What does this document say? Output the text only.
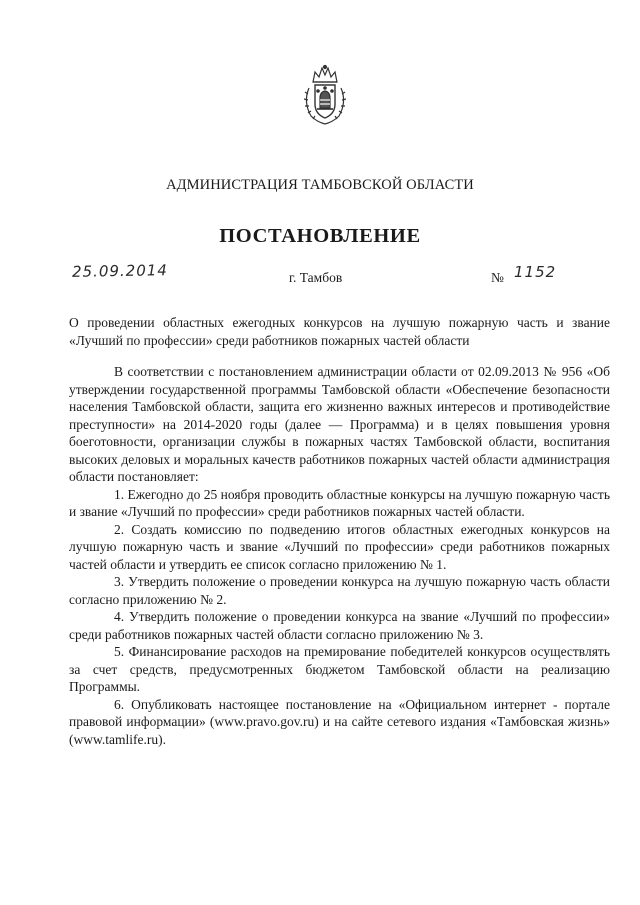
АДМИНИСТРАЦИЯ ТАМБОВСКОЙ ОБЛАСТИ
ПОСТАНОВЛЕНИЕ
25.09.2014	г. Тамбов	№ 1152
О проведении областных ежегодных конкурсов на лучшую пожарную часть и звание «Лучший по профессии» среди работников пожарных частей области

В соответствии с постановлением администрации области от 02.09.2013 № 956 «Об утверждении государственной программы Тамбовской области «Обеспечение безопасности населения Тамбовской области, защита его жизненно важных интересов и противодействие преступности» на 2014-2020 годы (далее — Программа) и в целях повышения уровня боеготовности, организации службы в пожарных частях Тамбовской области, воспитания высоких деловых и моральных качеств работников пожарных частей области администрация области постановляет:

1. Ежегодно до 25 ноября проводить областные конкурсы на лучшую пожарную часть и звание «Лучший по профессии» среди работников пожарных частей области.

2. Создать комиссию по подведению итогов областных ежегодных конкурсов на лучшую пожарную часть и звание «Лучший по профессии» среди работников пожарных частей области и утвердить ее список согласно приложению № 1.

3. Утвердить положение о проведении конкурса на лучшую пожарную часть области согласно приложению № 2.

4. Утвердить положение о проведении конкурса на звание «Лучший по профессии» среди работников пожарных частей области согласно приложению № 3.

5. Финансирование расходов на премирование победителей конкурсов осуществлять за счет средств, предусмотренных бюджетом Тамбовской области на реализацию Программы.

6. Опубликовать настоящее постановление на «Официальном интернет - портале правовой информации» (www.pravo.gov.ru) и на сайте сетевого издания «Тамбовская жизнь» (www.tamlife.ru).
